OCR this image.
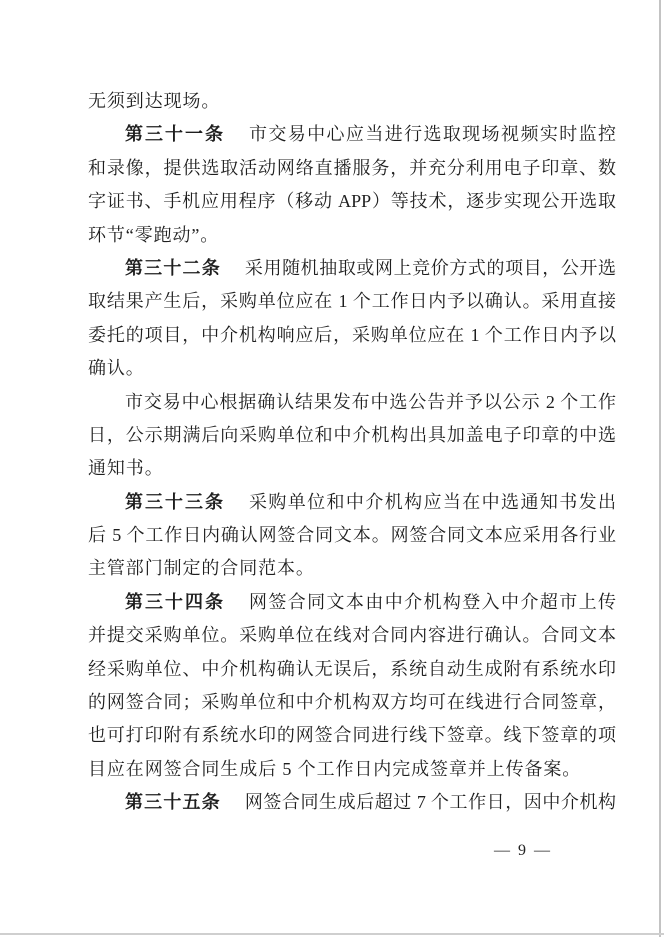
无须到达现场。
第三十一条 市交易中心应当进行选取现场视频实时监控
和录像，提供选取活动网络直播服务，并充分利用电子印章、数
字证书、手机应用程序（移动 APP）等技术，逐步实现公开选取
环节“零跑动”。
第三十二条 采用随机抽取或网上竞价方式的项目，公开选
取结果产生后，采购单位应在 1 个工作日内予以确认。采用直接
委托的项目，中介机构响应后，采购单位应在 1 个工作日内予以
确认。
市交易中心根据确认结果发布中选公告并予以公示 2 个工作
日，公示期满后向采购单位和中介机构出具加盖电子印章的中选
通知书。
第三十三条 采购单位和中介机构应当在中选通知书发出
后 5 个工作日内确认网签合同文本。网签合同文本应采用各行业
主管部门制定的合同范本。
第三十四条 网签合同文本由中介机构登入中介超市上传
并提交采购单位。采购单位在线对合同内容进行确认。合同文本
经采购单位、中介机构确认无误后，系统自动生成附有系统水印
的网签合同；采购单位和中介机构双方均可在线进行合同签章，
也可打印附有系统水印的网签合同进行线下签章。线下签章的项
目应在网签合同生成后 5 个工作日内完成签章并上传备案。
第三十五条 网签合同生成后超过 7 个工作日，因中介机构
— 9 —
